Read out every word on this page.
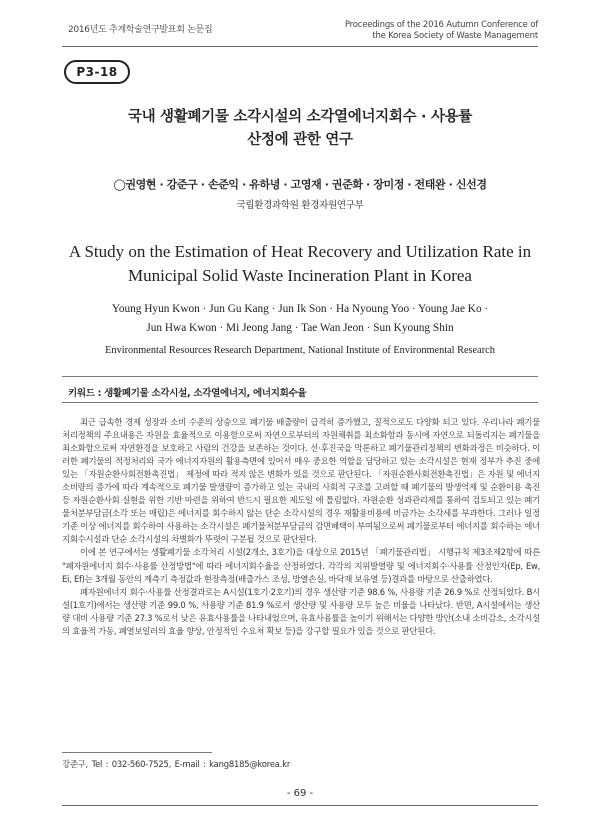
2016년도 추계학술연구발표회 논문집	Proceedings of the 2016 Autumn Conference of
the Korea Society of Waste Management
P3-18
국내 생활폐기물 소각시설의 소각열에너지회수 · 사용률
산정에 관한 연구
◯권영현 · 강준구 · 손준익 · 유하녕 · 고영재 · 권준화 · 장미정 · 전태완 · 신선경
국립환경과학원 환경자원연구부
A Study on the Estimation of Heat Recovery and Utilization Rate in
Municipal Solid Waste Incineration Plant in Korea
Young Hyun Kwon · Jun Gu Kang · Jun Ik Son · Ha Nyoung Yoo · Young Jae Ko ·
Jun Hwa Kwon · Mi Jeong Jang · Tae Wan Jeon · Sun Kyoung Shin
Environmental Resources Research Department, National Institute of Environmental Research
키워드 : 생활폐기물 소각시설, 소각열에너지, 에너지회수율

최근 급속한 경제 성장과 소비 수준의 상승으로 폐기물 배출량이 급격히 증가했고, 질적으로도 다양화 되고 있다. 우리나라 폐기물 처리정책의 주요내용은 자원을 효율적으로 이용함으로써 자연으로부터의 자원채취를 최소화함과 동시에 자연으로 되돌리지는 폐기물을 최소화함으로써 자연환경을 보호하고 사람의 건강을 보존하는 것이다. 선·후진국을 막론하고 폐기물관리정책의 변화과정은 비슷하다. 이러한 폐기물의 적정처리와 국가 에너지자원의 활용측면에 있어서 매우 중요한 역할을 담당하고 있는 소각시설은 현재 정부가 추진 중에 있는 「자원순환사회전환촉진법」 제정에 따라 적지 않은 변화가 있을 것으로 판단된다. 「자원순환사회전환촉진법」은 자원 및 에너지 소비량의 증가에 따라 계속적으로 폐기물 발생량이 증가하고 있는 국내의 사회적 구조를 고려할 때 폐기물의 발생억제 및 순환이용 촉진 등 자원순환사회 실현을 위한 기반 마련을 위하여 반드시 필요한 제도일 에 틀림없다. 자원순환 성과관리제를 통하여 검토되고 있는 폐기물처분부담금(소각 또는 매립)은 에너지를 회수하지 않는 단순 소각시설의 경우 재활용비용에 비금가는 소각세를 부과한다. 그러나 일정기준 이상 에너지를 회수하여 사용하는 소각시설은 폐기물처분부담금의 감면혜택이 부여됨으로써 폐기물로부터 에너지를 회수하는 에너지회수시설과 단순 소각시설의 차별화가 뚜렷이 구분될 것으로 판단된다.

이에 본 연구에서는 생활폐기물 소각처리 시설(2개소, 3호기)을 대상으로 2015년 「폐기물관리법」 시행규칙 제3조제2항에 따른 "폐자원에너지 회수·사용률 산정방법"에 따라 에너지회수율을 산정하였다. 각각의 지위발열량 및 에너지회수·사용률 산정인자(Ep, Ew, Ei, Ef)는 3개월 동안의 계측기 측정값과 현장측정(배출가스 조성, 방열손실, 바닥재 보유열 등)결과를 바탕으로 산출하였다.

폐자원에너지 회수·사용률 산정결과로는 A시설(1호기·2호기)의 경우 생산량 기준 98.6 %, 사용량 기준 26.9 %로 산정되었다. B시설(1호기)에서는 생산량 기준 99.0 %, 사용량 기준 81.9 %로서 생산량 및 사용량 모두 높은 비율을 나타났다. 반면, A시설에서는 생산량 대비 사용량 기준 27.3 %로서 낮은 유효사용률을 나타내었으며, 유효사용률을 높이기 위해서는 다양한 방안(소내 소비감소, 소각시설의 효율적 가동, 폐열보일러의 효율 향상, 안정적인 수요처 확보 등)을 강구할 필요가 있을 것으로 판단된다.

강준구, Tel : 032-560-7525, E-mail : kang8185@korea.kr
- 69 -
